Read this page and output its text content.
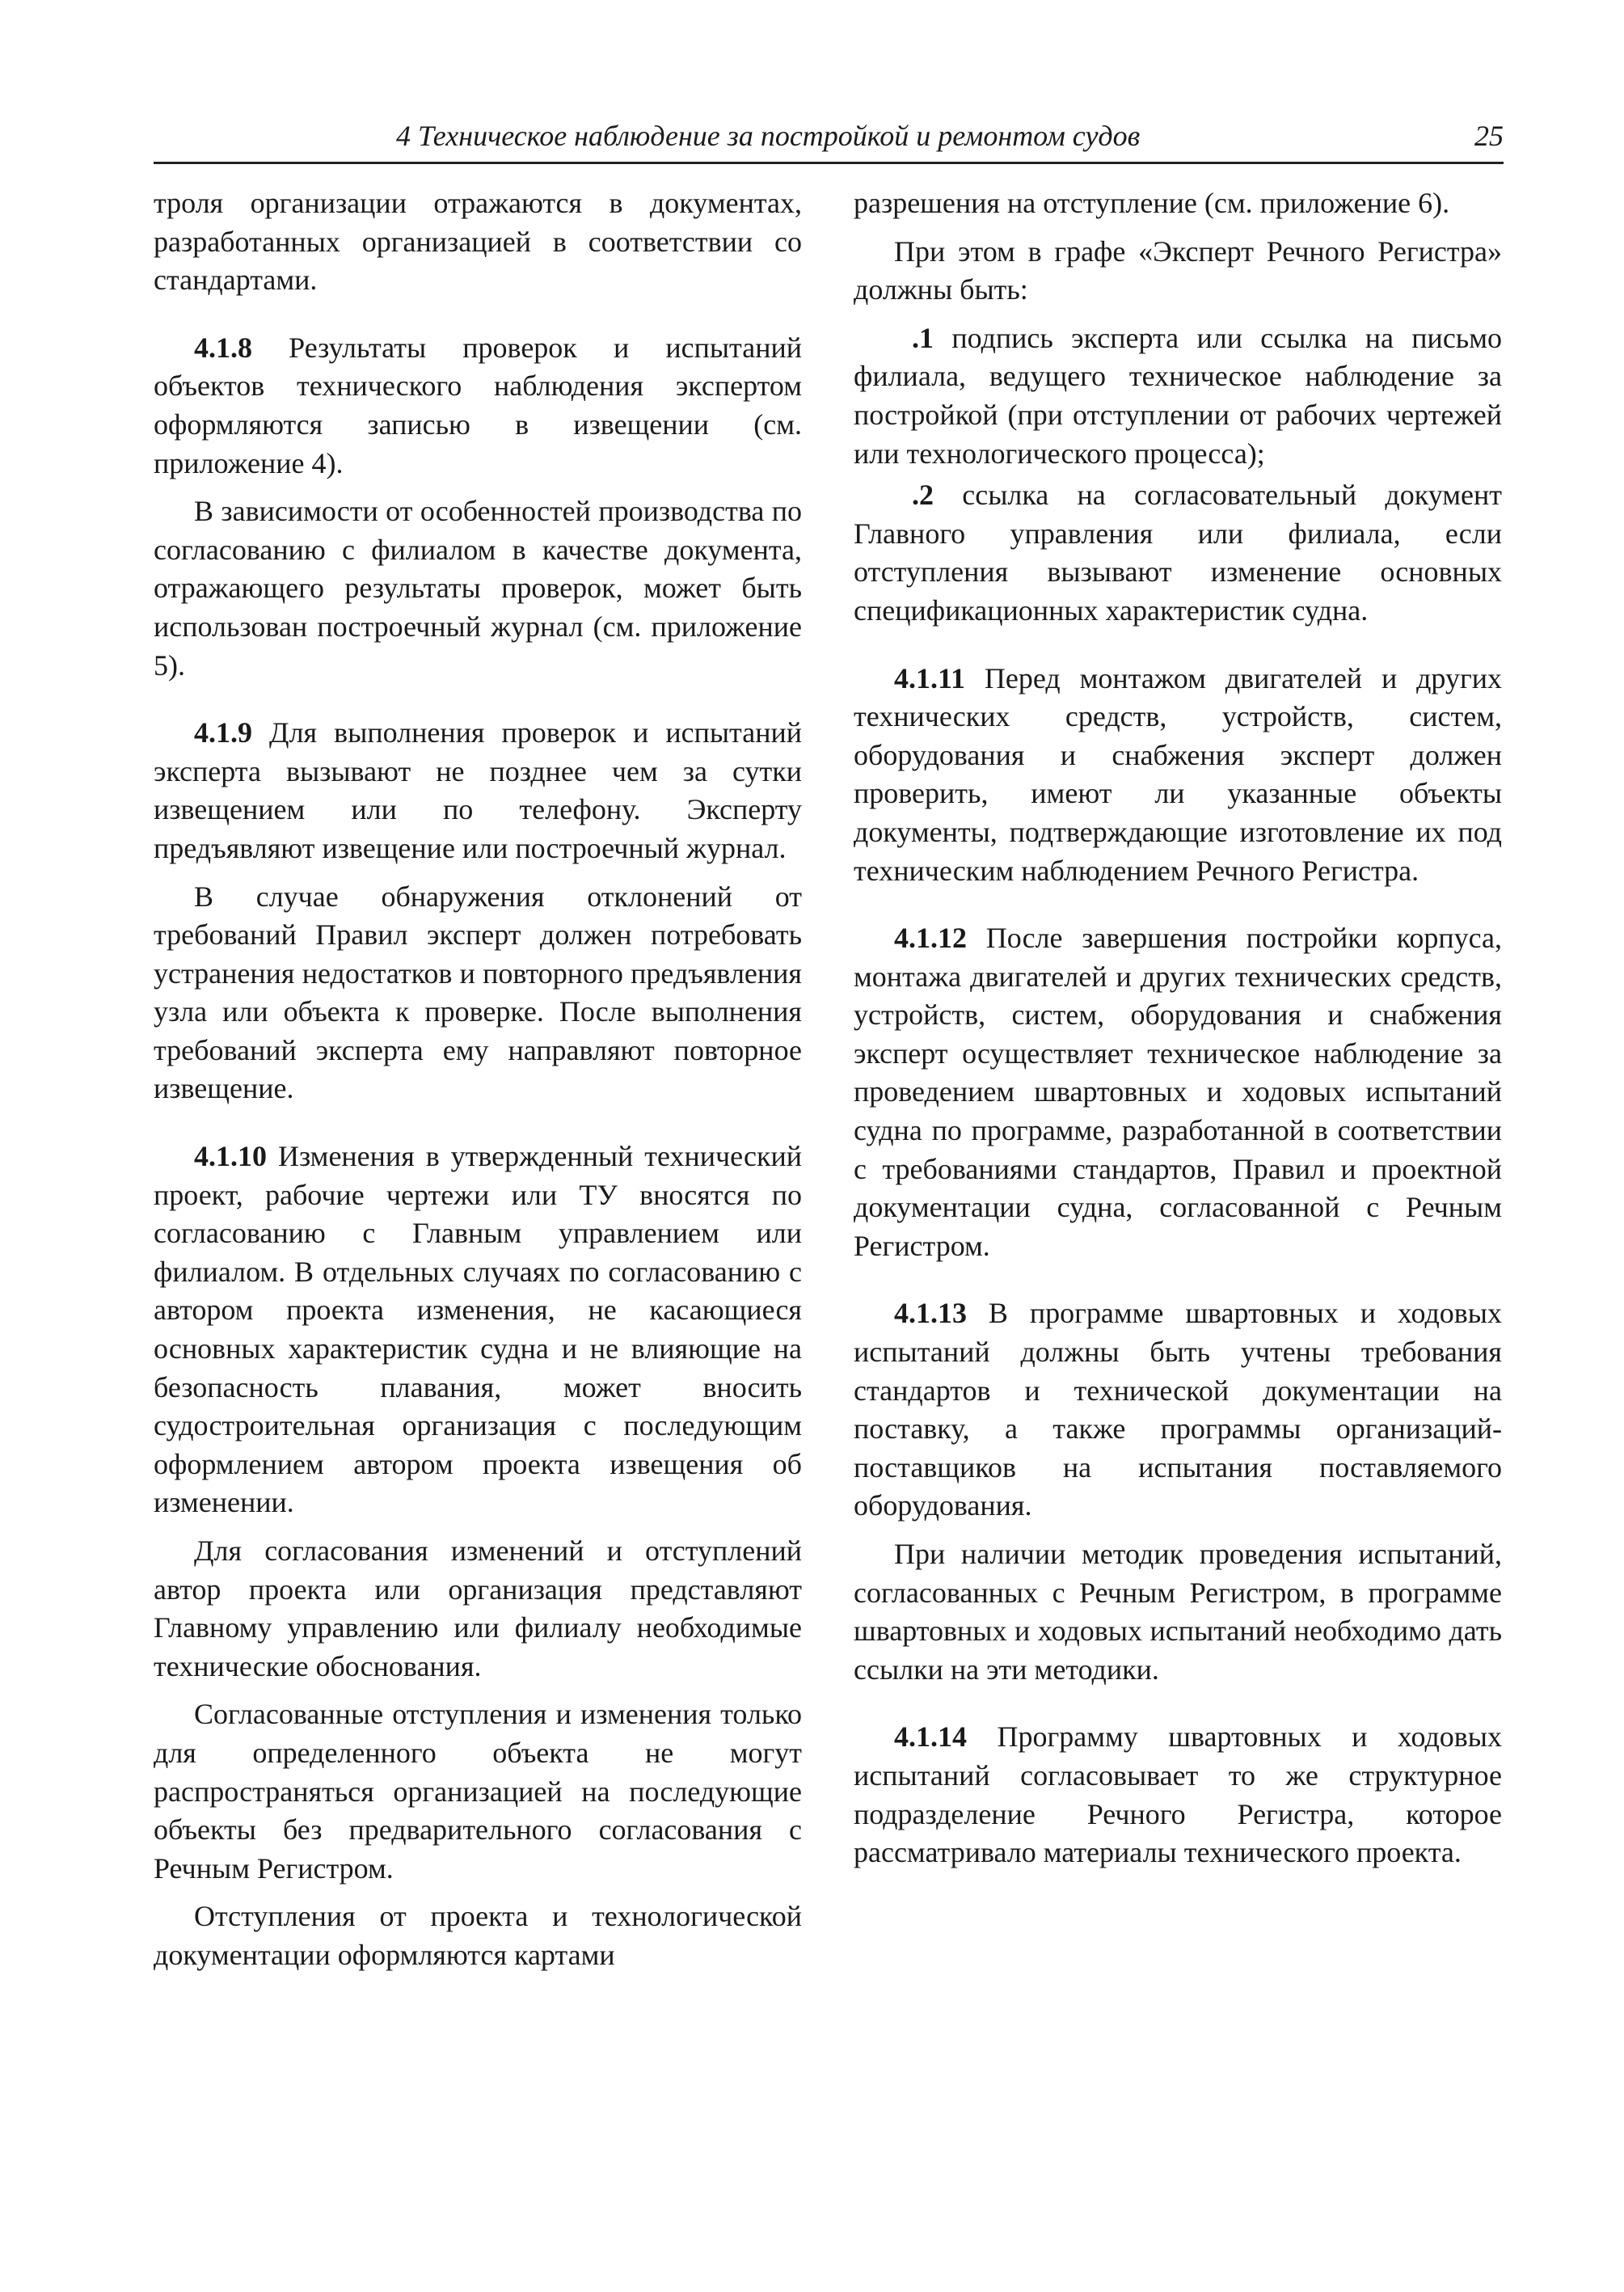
4 Техническое наблюдение за постройкой и ремонтом судов	25

троля организации отражаются в документах, разработанных организацией в соответствии со стандартами.

4.1.8 Результаты проверок и испытаний объектов технического наблюдения экспертом оформляются записью в извещении (см. приложение 4).

В зависимости от особенностей производства по согласованию с филиалом в качестве документа, отражающего результаты проверок, может быть использован построечный журнал (см. приложение 5).

4.1.9 Для выполнения проверок и испытаний эксперта вызывают не позднее чем за сутки извещением или по телефону. Эксперту предъявляют извещение или построечный журнал.

В случае обнаружения отклонений от требований Правил эксперт должен потребовать устранения недостатков и повторного предъявления узла или объекта к проверке. После выполнения требований эксперта ему направляют повторное извещение.

4.1.10 Изменения в утвержденный технический проект, рабочие чертежи или ТУ вносятся по согласованию с Главным управлением или филиалом. В отдельных случаях по согласованию с автором проекта изменения, не касающиеся основных характеристик судна и не влияющие на безопасность плавания, может вносить судостроительная организация с последующим оформлением автором проекта извещения об изменении.

Для согласования изменений и отступлений автор проекта или организация представляют Главному управлению или филиалу необходимые технические обоснования.

Согласованные отступления и изменения только для определенного объекта не могут распространяться организацией на последующие объекты без предварительного согласования с Речным Регистром.

Отступления от проекта и технологической документации оформляются картами

разрешения на отступление (см. приложение 6).

При этом в графе «Эксперт Речного Регистра» должны быть:

.1 подпись эксперта или ссылка на письмо филиала, ведущего техническое наблюдение за постройкой (при отступлении от рабочих чертежей или технологического процесса);

.2 ссылка на согласовательный документ Главного управления или филиала, если отступления вызывают изменение основных спецификационных характеристик судна.

4.1.11 Перед монтажом двигателей и других технических средств, устройств, систем, оборудования и снабжения эксперт должен проверить, имеют ли указанные объекты документы, подтверждающие изготовление их под техническим наблюдением Речного Регистра.

4.1.12 После завершения постройки корпуса, монтажа двигателей и других технических средств, устройств, систем, оборудования и снабжения эксперт осуществляет техническое наблюдение за проведением швартовных и ходовых испытаний судна по программе, разработанной в соответствии с требованиями стандартов, Правил и проектной документации судна, согласованной с Речным Регистром.

4.1.13 В программе швартовных и ходовых испытаний должны быть учтены требования стандартов и технической документации на поставку, а также программы организаций-поставщиков на испытания поставляемого оборудования.

При наличии методик проведения испытаний, согласованных с Речным Регистром, в программе швартовных и ходовых испытаний необходимо дать ссылки на эти методики.

4.1.14 Программу швартовных и ходовых испытаний согласовывает то же структурное подразделение Речного Регистра, которое рассматривало материалы технического проекта.
